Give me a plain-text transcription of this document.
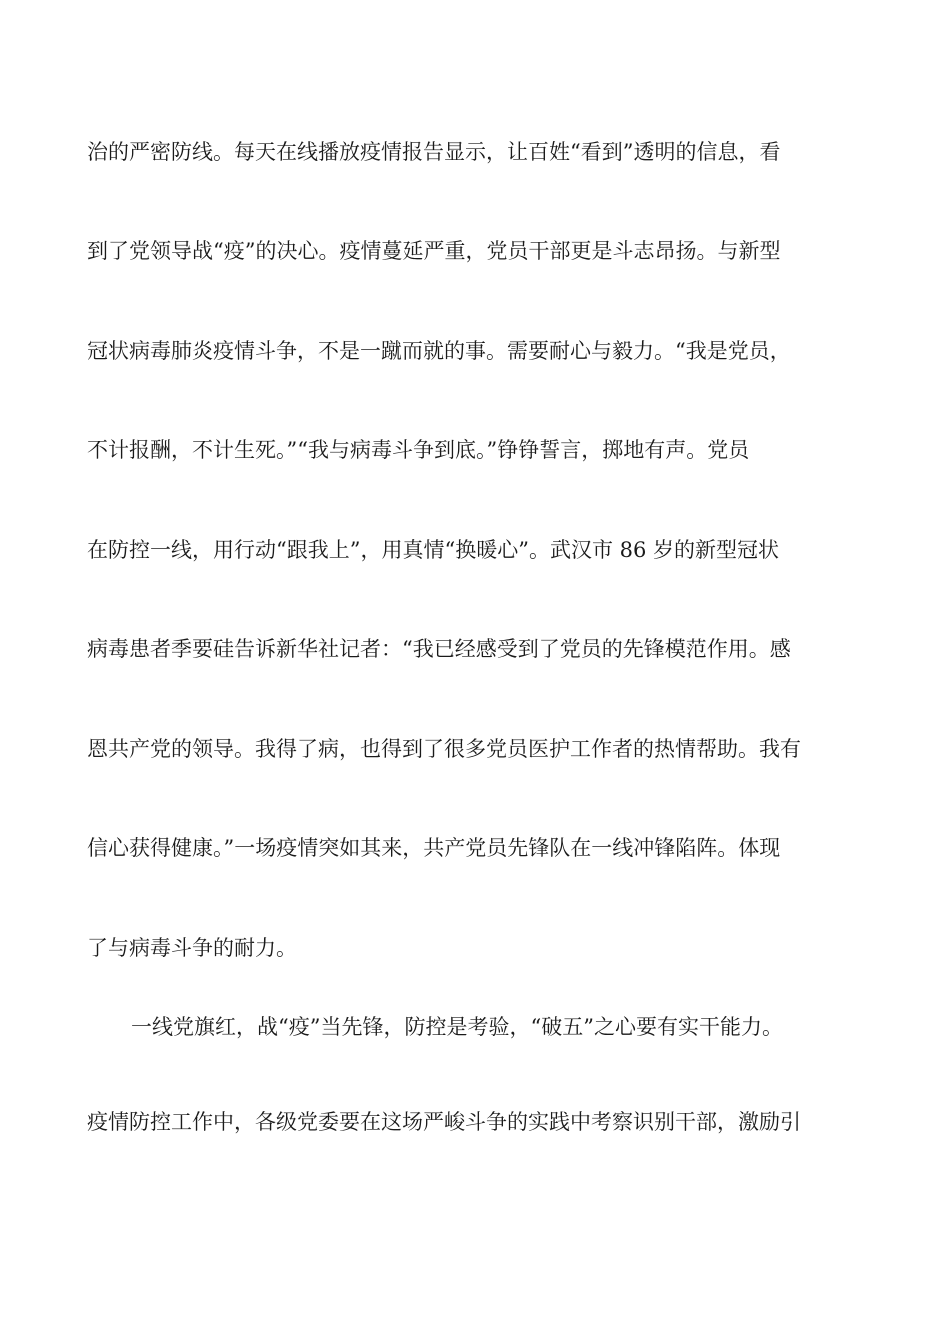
治的严密防线。每天在线播放疫情报告显示，让百姓“看到”透明的信息，看
到了党领导战“疫”的决心。疫情蔓延严重，党员干部更是斗志昂扬。与新型
冠状病毒肺炎疫情斗争，不是一蹴而就的事。需要耐心与毅力。“我是党员，
不计报酬，不计生死。”“我与病毒斗争到底。”铮铮誓言，掷地有声。党员
在防控一线，用行动“跟我上”，用真情“换暖心”。武汉市 86 岁的新型冠状
病毒患者季要硅告诉新华社记者：“我已经感受到了党员的先锋模范作用。感
恩共产党的领导。我得了病，也得到了很多党员医护工作者的热情帮助。我有
信心获得健康。”一场疫情突如其来，共产党员先锋队在一线冲锋陷阵。体现
了与病毒斗争的耐力。
一线党旗红，战“疫”当先锋，防控是考验，“破五”之心要有实干能力。
疫情防控工作中，各级党委要在这场严峻斗争的实践中考察识别干部，激励引
